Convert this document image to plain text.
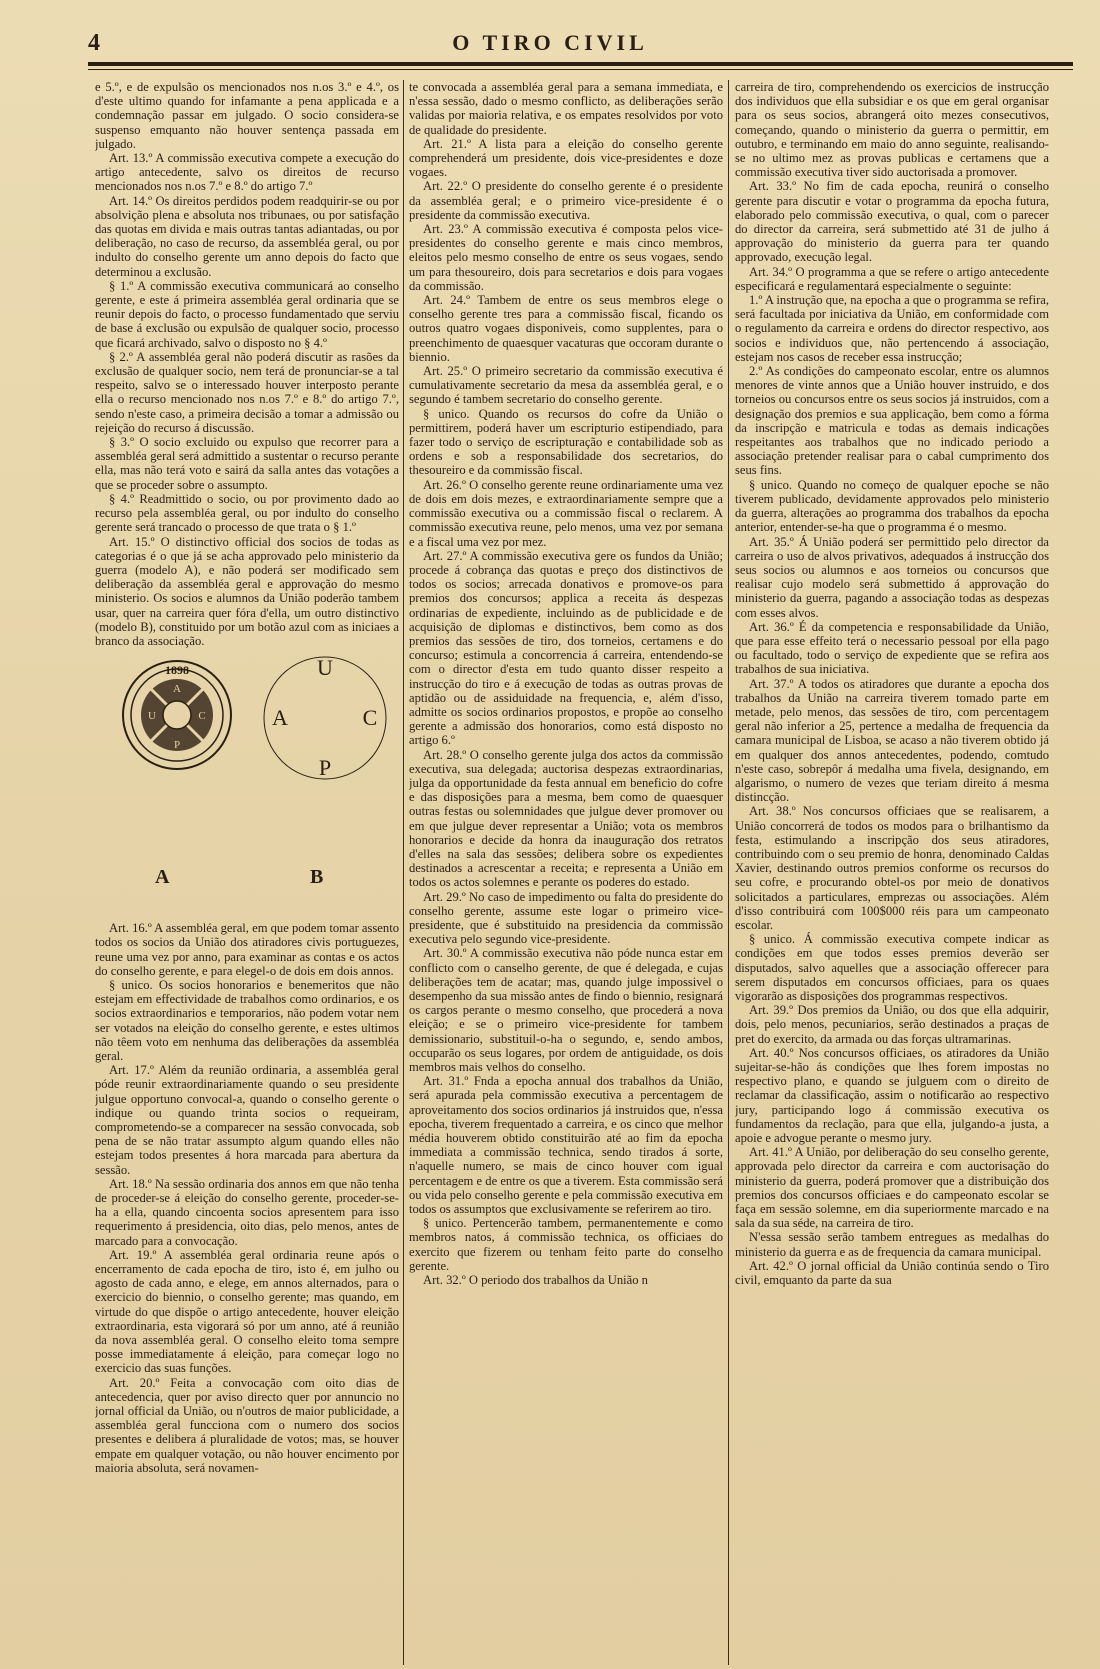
4	O TIRO CIVIL

e 5.º, e de expulsão os mencionados nos n.os 3.º e 4.º, os d'este ultimo quando for infamante a pena applicada e a condemnação passar em julgado. O socio considera-se suspenso emquanto não houver sentença passada em julgado.

Art. 13.º A commissão executiva compete a execução do artigo antecedente, salvo os direitos de recurso mencionados nos n.os 7.º e 8.º do artigo 7.º

Art. 14.º Os direitos perdidos podem readquirir-se ou por absolvição plena e absoluta nos tribunaes, ou por satisfação das quotas em divida e mais outras tantas adiantadas, ou por deliberação, no caso de recurso, da assembléa geral, ou por indulto do conselho gerente um anno depois do facto que determinou a exclusão.

§ 1.º A commissão executiva communicará ao conselho gerente, e este á primeira assembléa geral ordinaria que se reunir depois do facto, o processo fundamentado que serviu de base á exclusão ou expulsão de qualquer socio, processo que ficará archivado, salvo o disposto no § 4.º

§ 2.º A assembléa geral não poderá discutir as rasões da exclusão de qualquer socio, nem terá de pronunciar-se a tal respeito, salvo se o interessado houver interposto perante ella o recurso mencionado nos n.os 7.º e 8.º do artigo 7.º, sendo n'este caso, a primeira decisão a tomar a admissão ou rejeição do recurso á discussão.

§ 3.º O socio excluido ou expulso que recorrer para a assembléa geral será admittido a sustentar o recurso perante ella, mas não terá voto e sairá da salla antes das votações a que se proceder sobre o assumpto.

§ 4.º Readmittido o socio, ou por provimento dado ao recurso pela assembléa geral, ou por indulto do conselho gerente será trancado o processo de que trata o § 1.º

Art. 15.º O distinctivo official dos socios de todas as categorias é o que já se acha approvado pelo ministerio da guerra (modelo A), e não poderá ser modificado sem deliberação da assembléa geral e approvação do mesmo ministerio. Os socios e alumnos da União poderão tambem usar, quer na carreira quer fóra d'ella, um outro distinctivo (modelo B), constituido por um botão azul com as iniciaes a branco da associação.

1898
A
U	C
P
U
A	C
P
A	B

Art. 16.º A assembléa geral, em que podem tomar assento todos os socios da União dos atiradores civis portuguezes, reune uma vez por anno, para examinar as contas e os actos do conselho gerente, e para elegel-o de dois em dois annos.

§ unico. Os socios honorarios e benemeritos que não estejam em effectividade de trabalhos como ordinarios, e os socios extraordinarios e temporarios, não podem votar nem ser votados na eleição do conselho gerente, e estes ultimos não têem voto em nenhuma das deliberações da assembléa geral.

Art. 17.º Além da reunião ordinaria, a assembléa geral póde reunir extraordinariamente quando o seu presidente julgue opportuno convocal-a, quando o conselho gerente o indique ou quando trinta socios o requeiram, comprometendo-se a comparecer na sessão convocada, sob pena de se não tratar assumpto algum quando elles não estejam todos presentes á hora marcada para abertura da sessão.

Art. 18.º Na sessão ordinaria dos annos em que não tenha de proceder-se á eleição do conselho gerente, proceder-se-ha a ella, quando cincoenta socios apresentem para isso requerimento á presidencia, oito dias, pelo menos, antes de marcado para a convocação.

Art. 19.º A assembléa geral ordinaria reune após o encerramento de cada epocha de tiro, isto é, em julho ou agosto de cada anno, e elege, em annos alternados, para o exercicio do biennio, o conselho gerente; mas quando, em virtude do que dispõe o artigo antecedente, houver eleição extraordinaria, esta vigorará só por um anno, até á reunião da nova assembléa geral. O conselho eleito toma sempre posse immediatamente á eleição, para começar logo no exercicio das suas funções.

Art. 20.º Feita a convocação com oito dias de antecedencia, quer por aviso directo quer por annuncio no jornal official da União, ou n'outros de maior publicidade, a assembléa geral funcciona com o numero dos socios presentes e delibera á pluralidade de votos; mas, se houver empate em qualquer votação, ou não houver encimento por maioria absoluta, será novamen-

te convocada a assembléa geral para a semana immediata, e n'essa sessão, dado o mesmo conflicto, as deliberações serão validas por maioria relativa, e os empates resolvidos por voto de qualidade do presidente.

Art. 21.º A lista para a eleição do conselho gerente comprehenderá um presidente, dois vice-presidentes e doze vogaes.

Art. 22.º O presidente do conselho gerente é o presidente da assembléa geral; e o primeiro vice-presidente é o presidente da commissão executiva.

Art. 23.º A commissão executiva é composta pelos vice-presidentes do conselho gerente e mais cinco membros, eleitos pelo mesmo conselho de entre os seus vogaes, sendo um para thesoureiro, dois para secretarios e dois para vogaes da commissão.

Art. 24.º Tambem de entre os seus membros elege o conselho gerente tres para a commissão fiscal, ficando os outros quatro vogaes disponiveis, como supplentes, para o preenchimento de quaesquer vacaturas que occoram durante o biennio.

Art. 25.º O primeiro secretario da commissão executiva é cumulativamente secretario da mesa da assembléa geral, e o segundo é tambem secretario do conselho gerente.

§ unico. Quando os recursos do cofre da União o permittirem, poderá haver um escripturio estipendiado, para fazer todo o serviço de escripturação e contabilidade sob as ordens e sob a responsabilidade dos secretarios, do thesoureiro e da commissão fiscal.

Art. 26.º O conselho gerente reune ordinariamente uma vez de dois em dois mezes, e extraordinariamente sempre que a commissão executiva ou a commissão fiscal o reclarem. A commissão executiva reune, pelo menos, uma vez por semana e a fiscal uma vez por mez.

Art. 27.º A commissão executiva gere os fundos da União; procede á cobrança das quotas e preço dos distinctivos de todos os socios; arrecada donativos e promove-os para premios dos concursos; applica a receita ás despezas ordinarias de expediente, incluindo as de publicidade e de acquisição de diplomas e distinctivos, bem como as dos premios das sessões de tiro, dos torneios, certamens e do concurso; estimula a concorrencia á carreira, entendendo-se com o director d'esta em tudo quanto disser respeito a instrucção do tiro e á execução de todas as outras provas de aptidão ou de assiduidade na frequencia, e, além d'isso, admitte os socios ordinarios propostos, e propõe ao conselho gerente a admissão dos honorarios, como está disposto no artigo 6.º

Art. 28.º O conselho gerente julga dos actos da commissão executiva, sua delegada; auctorisa despezas extraordinarias, julga da opportunidade da festa annual em beneficio do cofre e das disposições para a mesma, bem como de quaesquer outras festas ou solemnidades que julgue dever promover ou em que julgue dever representar a União; vota os membros honorarios e decide da honra da inauguração dos retratos d'elles na sala das sessões; delibera sobre os expedientes destinados a acrescentar a receita; e representa a União em todos os actos solemnes e perante os poderes do estado.

Art. 29.º No caso de impedimento ou falta do presidente do conselho gerente, assume este logar o primeiro vice-presidente, que é substituido na presidencia da commissão executiva pelo segundo vice-presidente.

Art. 30.º A commissão executiva não póde nunca estar em conflicto com o canselho gerente, de que é delegada, e cujas deliberações tem de acatar; mas, quando julge impossivel o desempenho da sua missão antes de findo o biennio, resignará os cargos perante o mesmo conselho, que procederá a nova eleição; e se o primeiro vice-presidente for tambem demissionario, substituil-o-ha o segundo, e, sendo ambos, occuparão os seus logares, por ordem de antiguidade, os dois membros mais velhos do conselho.

Art. 31.º Fnda a epocha annual dos trabalhos da União, será apurada pela commissão executiva a percentagem de aproveitamento dos socios ordinarios já instruidos que, n'essa epocha, tiverem frequentado a carreira, e os cinco que melhor média houverem obtido constituirão até ao fim da epocha immediata a commissão technica, sendo tirados á sorte, n'aquelle numero, se mais de cinco houver com igual percentagem e de entre os que a tiverem. Esta commissão será ou vida pelo conselho gerente e pela commissão executiva em todos os assumptos que exclusivamente se referirem ao tiro.

§ unico. Pertencerão tambem, permanentemente e como membros natos, á commissão technica, os officiaes do exercito que fizerem ou tenham feito parte do conselho gerente.

Art. 32.º O periodo dos trabalhos da União n

carreira de tiro, comprehendendo os exercicios de instrucção dos individuos que ella subsidiar e os que em geral organisar para os seus socios, abrangerá oito mezes consecutivos, começando, quando o ministerio da guerra o permittir, em outubro, e terminando em maio do anno seguinte, realisando-se no ultimo mez as provas publicas e certamens que a commissão executiva tiver sido auctorisada a promover.

Art. 33.º No fim de cada epocha, reunirá o conselho gerente para discutir e votar o programma da epocha futura, elaborado pelo commissão executiva, o qual, com o parecer do director da carreira, será submettido até 31 de julho á approvação do ministerio da guerra para ter quando approvado, execução legal.

Art. 34.º O programma a que se refere o artigo antecedente especificará e regulamentará especialmente o seguinte:

1.º A instrução que, na epocha a que o programma se refira, será facultada por iniciativa da União, em conformidade com o regulamento da carreira e ordens do director respectivo, aos socios e individuos que, não pertencendo á associação, estejam nos casos de receber essa instrucção;

2.º As condições do campeonato escolar, entre os alumnos menores de vinte annos que a União houver instruido, e dos torneios ou concursos entre os seus socios já instruidos, com a designação dos premios e sua applicação, bem como a fórma da inscripção e matricula e todas as demais indicações respeitantes aos trabalhos que no indicado periodo a associação pretender realisar para o cabal cumprimento dos seus fins.

§ unico. Quando no começo de qualquer epoche se não tiverem publicado, devidamente approvados pelo ministerio da guerra, alterações ao programma dos trabalhos da epocha anterior, entender-se-ha que o programma é o mesmo.

Art. 35.º Á União poderá ser permittido pelo director da carreira o uso de alvos privativos, adequados á instrucção dos seus socios ou alumnos e aos torneios ou concursos que realisar cujo modelo será submettido á approvação do ministerio da guerra, pagando a associação todas as despezas com esses alvos.

Art. 36.º É da competencia e responsabilidade da União, que para esse effeito terá o necessario pessoal por ella pago ou facultado, todo o serviço de expediente que se refira aos trabalhos de sua iniciativa.

Art. 37.º A todos os atiradores que durante a epocha dos trabalhos da União na carreira tiverem tomado parte em metade, pelo menos, das sessões de tiro, com percentagem geral não inferior a 25, pertence a medalha de frequencia da camara municipal de Lisboa, se acaso a não tiverem obtido já em qualquer dos annos antecedentes, podendo, comtudo n'este caso, sobrepôr á medalha uma fivela, designando, em algarismo, o numero de vezes que teriam direito á mesma distincção.

Art. 38.º Nos concursos officiaes que se realisarem, a União concorrerá de todos os modos para o brilhantismo da festa, estimulando a inscripção dos seus atiradores, contribuindo com o seu premio de honra, denominado Caldas Xavier, destinando outros premios conforme os recursos do seu cofre, e procurando obtel-os por meio de donativos solicitados a particulares, emprezas ou associações. Além d'isso contribuirá com 100$000 réis para um campeonato escolar.

§ unico. Á commissão executiva compete indicar as condições em que todos esses premios deverão ser disputados, salvo aquelles que a associação offerecer para serem disputados em concursos officiaes, para os quaes vigorarão as disposições dos programmas respectivos.

Art. 39.º Dos premios da União, ou dos que ella adquirir, dois, pelo menos, pecuniarios, serão destinados a praças de pret do exercito, da armada ou das forças ultramarinas.

Art. 40.º Nos concursos officiaes, os atiradores da União sujeitar-se-hão ás condições que lhes forem impostas no respectivo plano, e quando se julguem com o direito de reclamar da classificação, assim o notificarão ao respectivo jury, participando logo á commissão executiva os fundamentos da reclação, para que ella, julgando-a justa, a apoie e advogue perante o mesmo jury.

Art. 41.º A União, por deliberação do seu conselho gerente, approvada pelo director da carreira e com auctorisação do ministerio da guerra, poderá promover que a distribuição dos premios dos concursos officiaes e do campeonato escolar se faça em sessão solemne, em dia superiormente marcado e na sala da sua séde, na carreira de tiro.

N'essa sessão serão tambem entregues as medalhas do ministerio da guerra e as de frequencia da camara municipal.

Art. 42.º O jornal official da União continúa sendo o Tiro civil, emquanto da parte da sua
